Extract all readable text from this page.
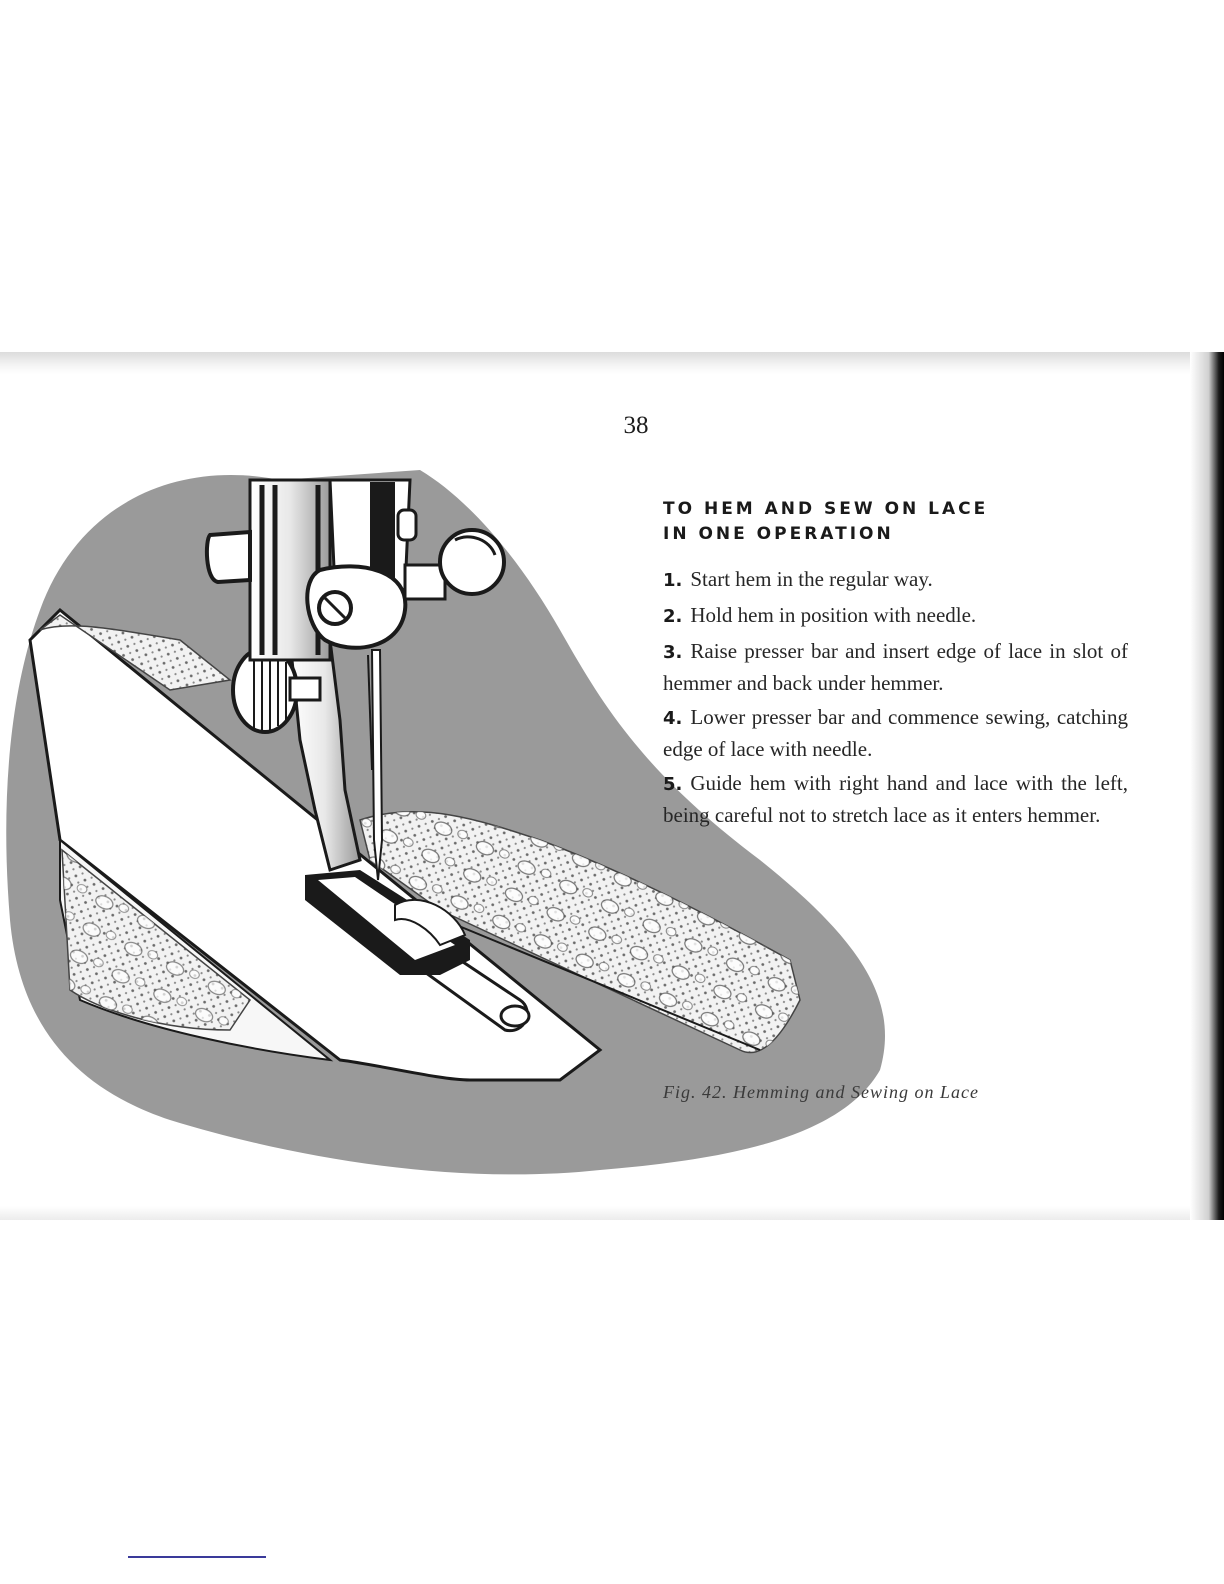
38
TO HEM AND SEW ON LACE
IN ONE OPERATION
1. Start hem in the regular way.
2. Hold hem in position with needle.
3. Raise presser bar and insert edge of lace in slot of hemmer and back under hemmer.
4. Lower presser bar and commence sewing, catching edge of lace with needle.
5. Guide hem with right hand and lace with the left, being careful not to stretch lace as it enters hemmer.
Fig. 42. Hemming and Sewing on Lace
